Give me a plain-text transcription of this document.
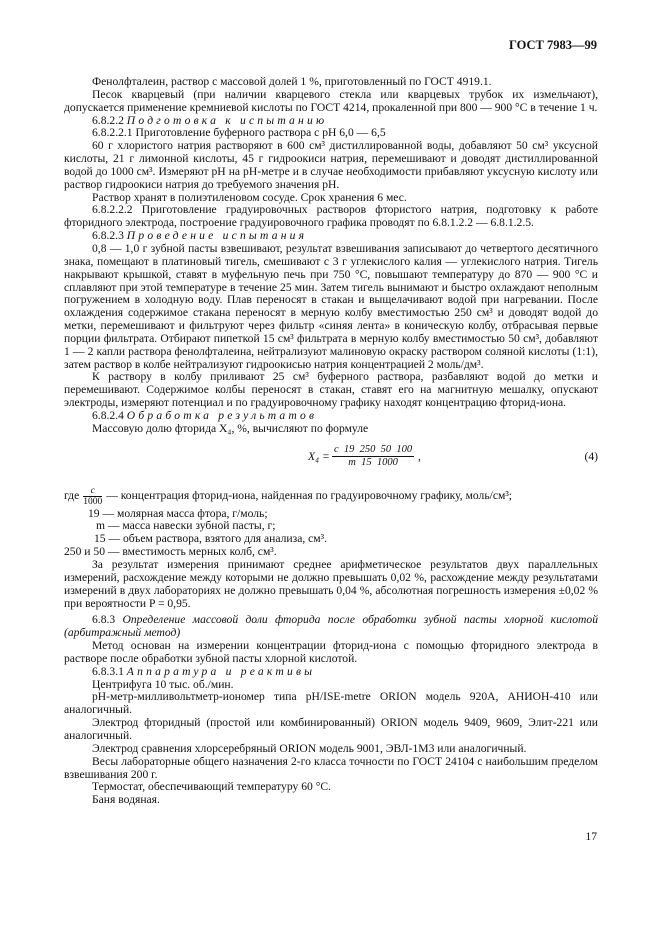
ГОСТ 7983—99

Фенолфталеин, раствор с массовой долей 1 %, приготовленный по ГОСТ 4919.1.

Песок кварцевый (при наличии кварцевого стекла или кварцевых трубок их измельчают), допускается применение кремниевой кислоты по ГОСТ 4214, прокаленной при 800 — 900 °С в течение 1 ч.

6.8.2.2 Подготовка к испытанию

6.8.2.2.1 Приготовление буферного раствора с рН 6,0 — 6,5

60 г хлористого натрия растворяют в 600 см³ дистиллированной воды, добавляют 50 см³ уксусной кислоты, 21 г лимонной кислоты, 45 г гидроокиси натрия, перемешивают и доводят дистиллированной водой до 1000 см³. Измеряют рН на рН-метре и в случае необходимости прибавляют уксусную кислоту или раствор гидроокиси натрия до требуемого значения рН.

Раствор хранят в полиэтиленовом сосуде. Срок хранения 6 мес.

6.8.2.2.2 Приготовление градуировочных растворов фтористого натрия, подготовку к работе фторидного электрода, построение градуировочного графика проводят по 6.8.1.2.2 — 6.8.1.2.5.

6.8.2.3 Проведение испытания

0,8 — 1,0 г зубной пасты взвешивают, результат взвешивания записывают до четвертого десятичного знака, помещают в платиновый тигель, смешивают с 3 г углекислого калия — углекислого натрия. Тигель накрывают крышкой, ставят в муфельную печь при 750 °С, повышают температуру до 870 — 900 °С и сплавляют при этой температуре в течение 25 мин. Затем тигель вынимают и быстро охлаждают неполным погружением в холодную воду. Плав переносят в стакан и выщелачивают водой при нагревании. После охлаждения содержимое стакана переносят в мерную колбу вместимостью 250 см³ и доводят водой до метки, перемешивают и фильтруют через фильтр «синяя лента» в коническую колбу, отбрасывая первые порции фильтрата. Отбирают пипеткой 15 см³ фильтрата в мерную колбу вместимостью 50 см³, добавляют 1 — 2 капли раствора фенолфталеина, нейтрализуют малиновую окраску раствором соляной кислоты (1:1), затем раствор в колбе нейтрализуют гидроокисью натрия концентрацией 2 моль/дм³.

К раствору в колбу приливают 25 см³ буферного раствора, разбавляют водой до метки и перемешивают. Содержимое колбы переносят в стакан, ставят его на магнитную мешалку, опускают электроды, измеряют потенциал и по градуировочному графику находят концентрацию фторид-иона.

6.8.2.4 Обработка результатов

Массовую долю фторида X₄, %, вычисляют по формуле

$X_4 = \frac{c 19 250 50 100}{m 15 1000}$ ,	(4)
где $\frac{c}{1000}$ — концентрация фторид-иона, найденная по градуировочному графику, моль/см³;

19 — молярная масса фтора, г/моль;

m — масса навески зубной пасты, г;

15 — объем раствора, взятого для анализа, см³.

250 и 50 — вместимость мерных колб, см³.

За результат измерения принимают среднее арифметическое результатов двух параллельных измерений, расхождение между которыми не должно превышать 0,02 %, расхождение между результатами измерений в двух лабораториях не должно превышать 0,04 %, абсолютная погрешность измерения ±0,02 % при вероятности P = 0,95.

6.8.3 Определение массовой доли фторида после обработки зубной пасты хлорной кислотой (арбитражный метод)

Метод основан на измерении концентрации фторид-иона с помощью фторидного электрода в растворе после обработки зубной пасты хлорной кислотой.

6.8.3.1 Аппаратура и реактивы

Центрифуга 10 тыс. об./мин.

рН-метр-милливольтметр-иономер типа pH/ISE-metre ORION модель 920А, АНИОН-410 или аналогичный.

Электрод фторидный (простой или комбинированный) ORION модель 9409, 9609, Элит-221 или аналогичный.

Электрод сравнения хлорсеребряный ORION модель 9001, ЭВЛ-1М3 или аналогичный.

Весы лабораторные общего назначения 2-го класса точности по ГОСТ 24104 с наибольшим пределом взвешивания 200 г.

Термостат, обеспечивающий температуру 60 °С.

Баня водяная.

17
